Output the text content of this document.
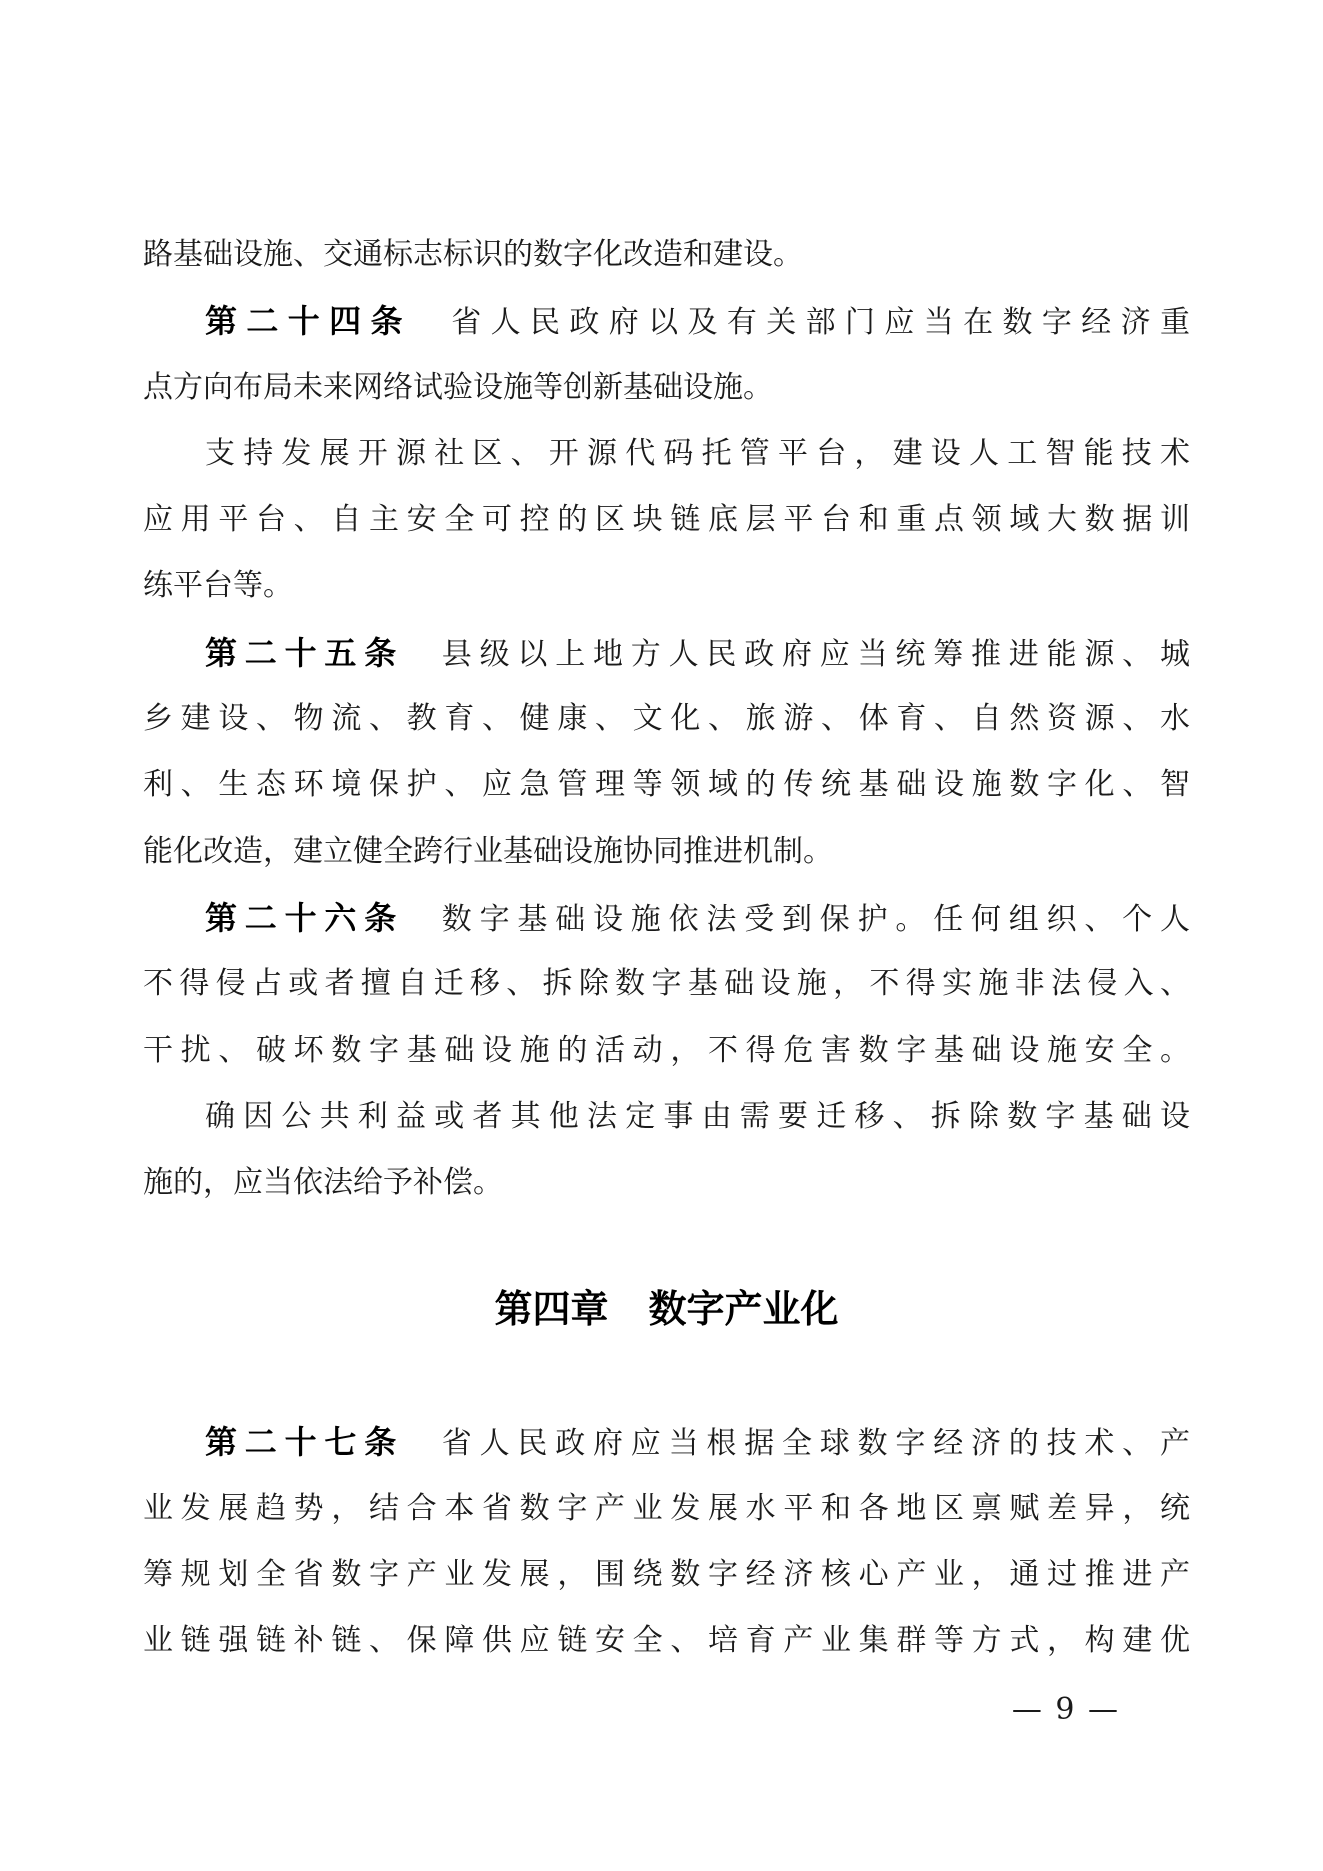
路基础设施、交通标志标识的数字化改造和建设。
第二十四条　省人民政府以及有关部门应当在数字经济重
点方向布局未来网络试验设施等创新基础设施。
支持发展开源社区、开源代码托管平台，建设人工智能技术
应用平台、自主安全可控的区块链底层平台和重点领域大数据训
练平台等。
第二十五条　县级以上地方人民政府应当统筹推进能源、城
乡建设、物流、教育、健康、文化、旅游、体育、自然资源、水
利、生态环境保护、应急管理等领域的传统基础设施数字化、智
能化改造，建立健全跨行业基础设施协同推进机制。
第二十六条　数字基础设施依法受到保护。任何组织、个人
不得侵占或者擅自迁移、拆除数字基础设施，不得实施非法侵入、
干扰、破坏数字基础设施的活动，不得危害数字基础设施安全。
确因公共利益或者其他法定事由需要迁移、拆除数字基础设
施的，应当依法给予补偿。
第四章 数字产业化
第二十七条　省人民政府应当根据全球数字经济的技术、产
业发展趋势，结合本省数字产业发展水平和各地区禀赋差异，统
筹规划全省数字产业发展，围绕数字经济核心产业，通过推进产
业链强链补链、保障供应链安全、培育产业集群等方式，构建优
— 9 —
